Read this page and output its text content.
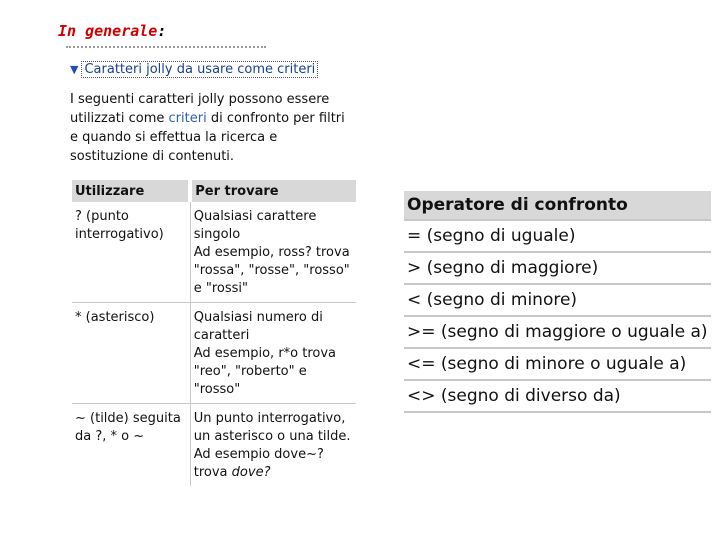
In generale:
▼ Caratteri jolly da usare come criteri
I seguenti caratteri jolly possono essere utilizzati come criteri di confronto per filtri e quando si effettua la ricerca e sostituzione di contenuti.
Utilizzare	Per trovare
? (punto interrogativo)	Qualsiasi carattere singolo
Ad esempio, ross? trova "rossa", "rosse", "rosso" e "rossi"

* (asterisco)	Qualsiasi numero di caratteri
Ad esempio, r*o trova "reo", "roberto" e "rosso"

~ (tilde) seguita da ?, * o ~	Un punto interrogativo, un asterisco o una tilde.
Ad esempio dove~? trova dove?
Operatore di confronto
= (segno di uguale)
> (segno di maggiore)
< (segno di minore)
>= (segno di maggiore o uguale a)
<= (segno di minore o uguale a)
<> (segno di diverso da)
